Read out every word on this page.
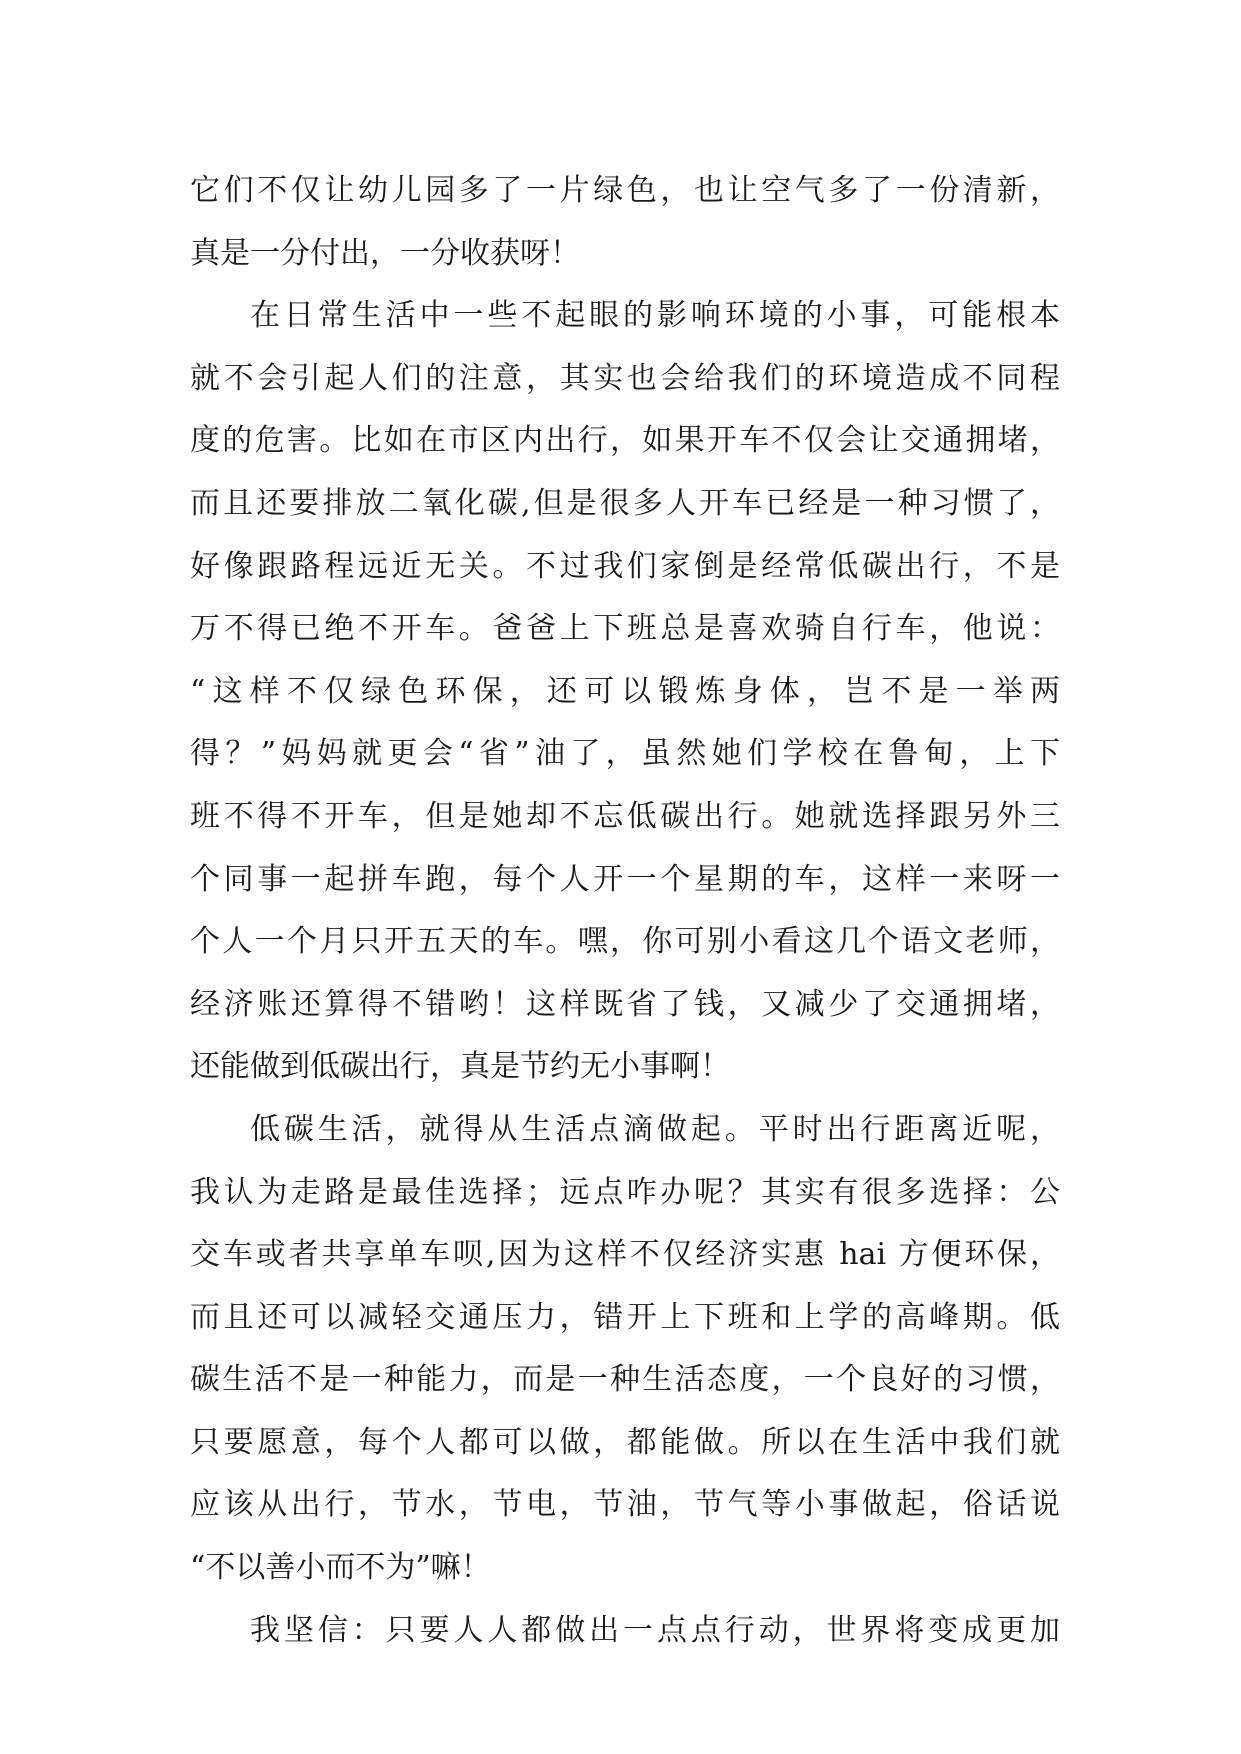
它们不仅让幼儿园多了一片绿色，也让空气多了一份清新，
真是一分付出，一分收获呀！
在日常生活中一些不起眼的影响环境的小事，可能根本
就不会引起人们的注意，其实也会给我们的环境造成不同程
度的危害。比如在市区内出行，如果开车不仅会让交通拥堵，
而且还要排放二氧化碳,但是很多人开车已经是一种习惯了，
好像跟路程远近无关。不过我们家倒是经常低碳出行，不是
万不得已绝不开车。爸爸上下班总是喜欢骑自行车，他说：
“这样不仅绿色环保，还可以锻炼身体，岂不是一举两
得？”妈妈就更会“省”油了，虽然她们学校在鲁甸，上下
班不得不开车，但是她却不忘低碳出行。她就选择跟另外三
个同事一起拼车跑，每个人开一个星期的车，这样一来呀一
个人一个月只开五天的车。嘿，你可别小看这几个语文老师，
经济账还算得不错哟！这样既省了钱，又减少了交通拥堵，
还能做到低碳出行，真是节约无小事啊！
低碳生活，就得从生活点滴做起。平时出行距离近呢，
我认为走路是最佳选择；远点咋办呢？其实有很多选择：公
交车或者共享单车呗,因为这样不仅经济实惠 hai 方便环保，
而且还可以减轻交通压力，错开上下班和上学的高峰期。低
碳生活不是一种能力，而是一种生活态度，一个良好的习惯，
只要愿意，每个人都可以做，都能做。所以在生活中我们就
应该从出行，节水，节电，节油，节气等小事做起，俗话说
“不以善小而不为”嘛！
我坚信：只要人人都做出一点点行动，世界将变成更加
